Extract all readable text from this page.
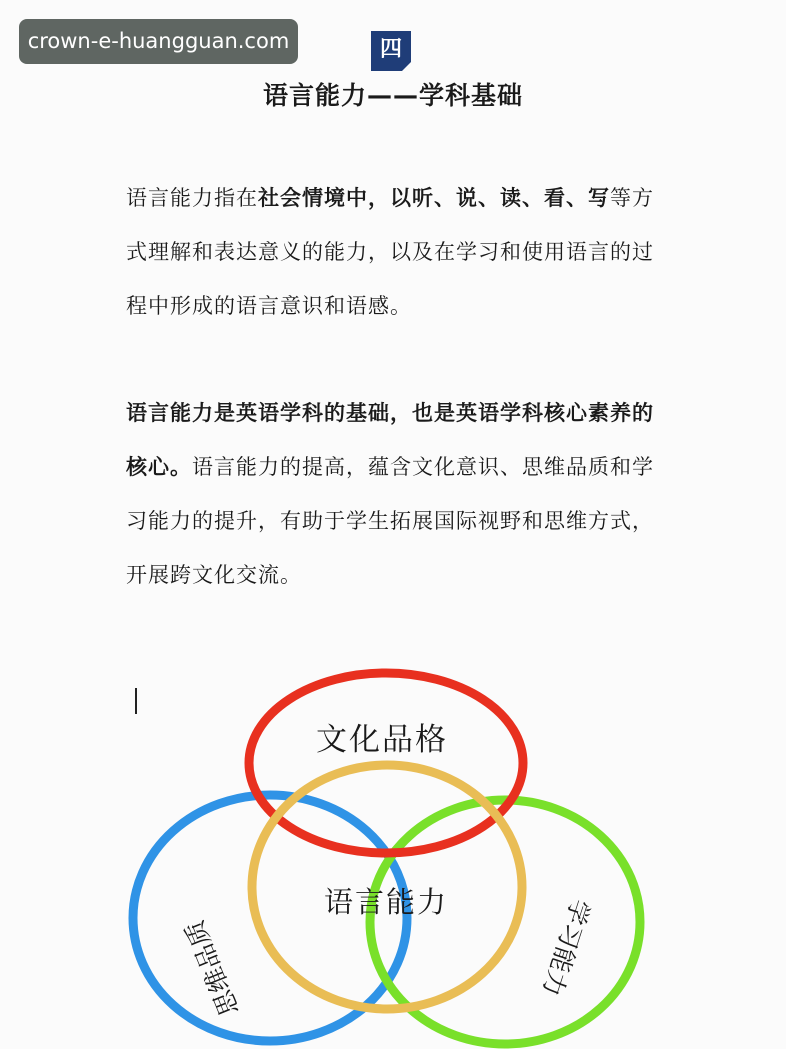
crown-e-huangguan.com	四
语言能力——学科基础

语言能力指在社会情境中，以听、说、读、看、写等方式理解和表达意义的能力，以及在学习和使用语言的过程中形成的语言意识和语感。

语言能力是英语学科的基础，也是英语学科核心素养的核心。语言能力的提高，蕴含文化意识、思维品质和学习能力的提升，有助于学生拓展国际视野和思维方式，开展跨文化交流。

文化品格
语言能力
思维品质	学习能力
